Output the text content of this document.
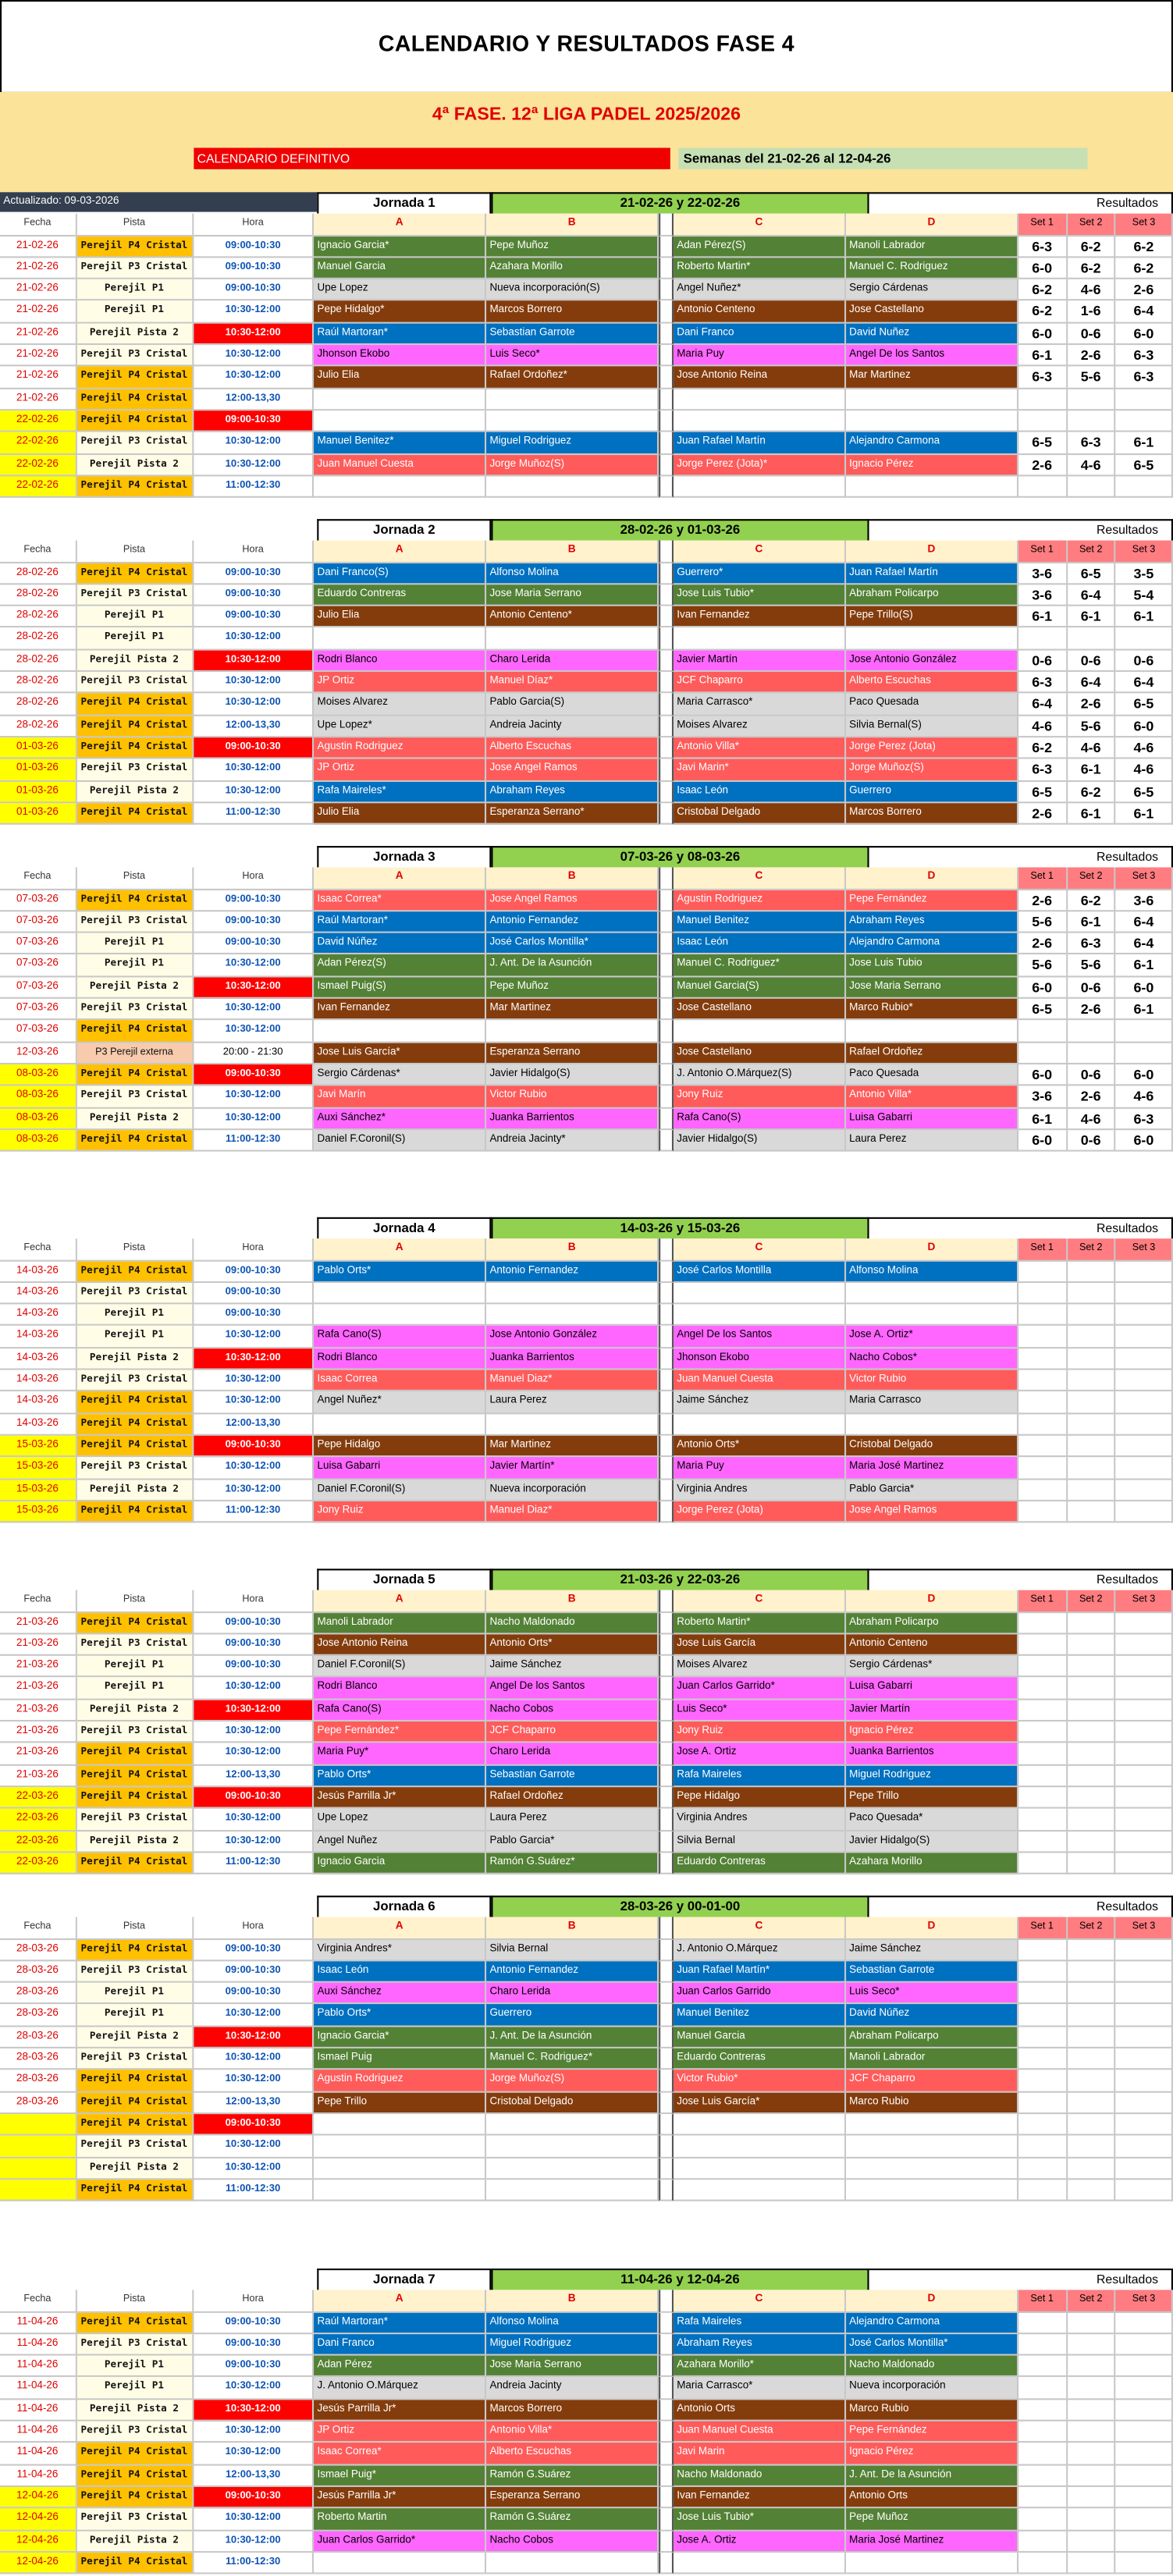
CALENDARIO Y RESULTADOS FASE 4
4ª FASE. 12ª LIGA PADEL 2025/2026
CALENDARIO DEFINITIVO	Semanas del 21-02-26 al 12-04-26
Actualizado: 09-03-2026	Jornada 1	21-02-26 y 22-02-26	Resultados
Fecha	Pista	Hora	A	B	C	D	Set 1	Set 2	Set 3
21-02-26	Perejil P4 Cristal	09:00-10:30	Ignacio Garcia*	Pepe Muñoz	Adan Pérez(S)	Manoli Labrador	6-3	6-2	6-2
21-02-26	Perejil P3 Cristal	09:00-10:30	Manuel Garcia	Azahara Morillo	Roberto Martin*	Manuel C. Rodriguez	6-0	6-2	6-2
21-02-26	Perejil P1	09:00-10:30	Upe Lopez	Nueva incorporación(S)	Angel Nuñez*	Sergio Cárdenas	6-2	4-6	2-6
21-02-26	Perejil P1	10:30-12:00	Pepe Hidalgo*	Marcos Borrero	Antonio Centeno	Jose Castellano	6-2	1-6	6-4
21-02-26	Perejil Pista 2	10:30-12:00	Raúl Martoran*	Sebastian Garrote	Dani Franco	David Nuñez	6-0	0-6	6-0
21-02-26	Perejil P3 Cristal	10:30-12:00	Jhonson Ekobo	Luis Seco*	Maria Puy	Angel De los Santos	6-1	2-6	6-3
21-02-26	Perejil P4 Cristal	10:30-12:00	Julio Elia	Rafael Ordoñez*	Jose Antonio Reina	Mar Martinez	6-3	5-6	6-3
21-02-26	Perejil P4 Cristal	12:00-13,30
22-02-26	Perejil P4 Cristal	09:00-10:30
22-02-26	Perejil P3 Cristal	10:30-12:00	Manuel Benitez*	Miguel Rodriguez	Juan Rafael Martín	Alejandro Carmona	6-5	6-3	6-1
22-02-26	Perejil Pista 2	10:30-12:00	Juan Manuel Cuesta	Jorge Muñoz(S)	Jorge Perez (Jota)*	Ignacio Pérez	2-6	4-6	6-5
22-02-26	Perejil P4 Cristal	11:00-12:30
Jornada 2	28-02-26 y 01-03-26	Resultados
Fecha	Pista	Hora	A	B	C	D	Set 1	Set 2	Set 3
28-02-26	Perejil P4 Cristal	09:00-10:30	Dani Franco(S)	Alfonso Molina	Guerrero*	Juan Rafael Martín	3-6	6-5	3-5
28-02-26	Perejil P3 Cristal	09:00-10:30	Eduardo Contreras	Jose Maria Serrano	Jose Luis Tubio*	Abraham Policarpo	3-6	6-4	5-4
28-02-26	Perejil P1	09:00-10:30	Julio Elia	Antonio Centeno*	Ivan Fernandez	Pepe Trillo(S)	6-1	6-1	6-1
28-02-26	Perejil P1	10:30-12:00
28-02-26	Perejil Pista 2	10:30-12:00	Rodri Blanco	Charo Lerida	Javier Martín	Jose Antonio González	0-6	0-6	0-6
28-02-26	Perejil P3 Cristal	10:30-12:00	JP Ortiz	Manuel Díaz*	JCF Chaparro	Alberto Escuchas	6-3	6-4	6-4
28-02-26	Perejil P4 Cristal	10:30-12:00	Moises Alvarez	Pablo Garcia(S)	Maria Carrasco*	Paco Quesada	6-4	2-6	6-5
28-02-26	Perejil P4 Cristal	12:00-13,30	Upe Lopez*	Andreia Jacinty	Moises Alvarez	Silvia Bernal(S)	4-6	5-6	6-0
01-03-26	Perejil P4 Cristal	09:00-10:30	Agustin Rodriguez	Alberto Escuchas	Antonio Villa*	Jorge Perez (Jota)	6-2	4-6	4-6
01-03-26	Perejil P3 Cristal	10:30-12:00	JP Ortiz	Jose Angel Ramos	Javi Marin*	Jorge Muñoz(S)	6-3	6-1	4-6
01-03-26	Perejil Pista 2	10:30-12:00	Rafa Maireles*	Abraham Reyes	Isaac León	Guerrero	6-5	6-2	6-5
01-03-26	Perejil P4 Cristal	11:00-12:30	Julio Elia	Esperanza Serrano*	Cristobal Delgado	Marcos Borrero	2-6	6-1	6-1
Jornada 3	07-03-26 y 08-03-26	Resultados
Fecha	Pista	Hora	A	B	C	D	Set 1	Set 2	Set 3
07-03-26	Perejil P4 Cristal	09:00-10:30	Isaac Correa*	Jose Angel Ramos	Agustin Rodriguez	Pepe Fernández	2-6	6-2	3-6
07-03-26	Perejil P3 Cristal	09:00-10:30	Raúl Martoran*	Antonio Fernandez	Manuel Benitez	Abraham Reyes	5-6	6-1	6-4
07-03-26	Perejil P1	09:00-10:30	David Núñez	José Carlos Montilla*	Isaac León	Alejandro Carmona	2-6	6-3	6-4
07-03-26	Perejil P1	10:30-12:00	Adan Pérez(S)	J. Ant. De la Asunción	Manuel C. Rodriguez*	Jose Luis Tubio	5-6	5-6	6-1
07-03-26	Perejil Pista 2	10:30-12:00	Ismael Puig(S)	Pepe Muñoz	Manuel Garcia(S)	Jose Maria Serrano	6-0	0-6	6-0
07-03-26	Perejil P3 Cristal	10:30-12:00	Ivan Fernandez	Mar Martinez	Jose Castellano	Marco Rubio*	6-5	2-6	6-1
07-03-26	Perejil P4 Cristal	10:30-12:00
12-03-26	P3 Perejil externa	20:00 - 21:30	Jose Luis García*	Esperanza Serrano	Jose Castellano	Rafael Ordoñez
08-03-26	Perejil P4 Cristal	09:00-10:30	Sergio Cárdenas*	Javier Hidalgo(S)	J. Antonio O.Márquez(S)	Paco Quesada	6-0	0-6	6-0
08-03-26	Perejil P3 Cristal	10:30-12:00	Javi Marín	Victor Rubio	Jony Ruiz	Antonio Villa*	3-6	2-6	4-6
08-03-26	Perejil Pista 2	10:30-12:00	Auxi Sánchez*	Juanka Barrientos	Rafa Cano(S)	Luisa Gabarri	6-1	4-6	6-3
08-03-26	Perejil P4 Cristal	11:00-12:30	Daniel F.Coronil(S)	Andreia Jacinty*	Javier Hidalgo(S)	Laura Perez	6-0	0-6	6-0
Jornada 4	14-03-26 y 15-03-26	Resultados
Fecha	Pista	Hora	A	B	C	D	Set 1	Set 2	Set 3
14-03-26	Perejil P4 Cristal	09:00-10:30	Pablo Orts*	Antonio Fernandez	José Carlos Montilla	Alfonso Molina
14-03-26	Perejil P3 Cristal	09:00-10:30
14-03-26	Perejil P1	09:00-10:30
14-03-26	Perejil P1	10:30-12:00	Rafa Cano(S)	Jose Antonio González	Angel De los Santos	Jose A. Ortiz*
14-03-26	Perejil Pista 2	10:30-12:00	Rodri Blanco	Juanka Barrientos	Jhonson Ekobo	Nacho Cobos*
14-03-26	Perejil P3 Cristal	10:30-12:00	Isaac Correa	Manuel Diaz*	Juan Manuel Cuesta	Victor Rubio
14-03-26	Perejil P4 Cristal	10:30-12:00	Angel Nuñez*	Laura Perez	Jaime Sánchez	Maria Carrasco
14-03-26	Perejil P4 Cristal	12:00-13,30
15-03-26	Perejil P4 Cristal	09:00-10:30	Pepe Hidalgo	Mar Martinez	Antonio Orts*	Cristobal Delgado
15-03-26	Perejil P3 Cristal	10:30-12:00	Luisa Gabarri	Javier Martín*	Maria Puy	Maria José Martinez
15-03-26	Perejil Pista 2	10:30-12:00	Daniel F.Coronil(S)	Nueva incorporación	Virginia Andres	Pablo Garcia*
15-03-26	Perejil P4 Cristal	11:00-12:30	Jony Ruiz	Manuel Diaz*	Jorge Perez (Jota)	Jose Angel Ramos
Jornada 5	21-03-26 y 22-03-26	Resultados
Fecha	Pista	Hora	A	B	C	D	Set 1	Set 2	Set 3
21-03-26	Perejil P4 Cristal	09:00-10:30	Manoli Labrador	Nacho Maldonado	Roberto Martin*	Abraham Policarpo
21-03-26	Perejil P3 Cristal	09:00-10:30	Jose Antonio Reina	Antonio Orts*	Jose Luis García	Antonio Centeno
21-03-26	Perejil P1	09:00-10:30	Daniel F.Coronil(S)	Jaime Sánchez	Moises Alvarez	Sergio Cárdenas*
21-03-26	Perejil P1	10:30-12:00	Rodri Blanco	Angel De los Santos	Juan Carlos Garrido*	Luisa Gabarri
21-03-26	Perejil Pista 2	10:30-12:00	Rafa Cano(S)	Nacho Cobos	Luis Seco*	Javier Martín
21-03-26	Perejil P3 Cristal	10:30-12:00	Pepe Fernández*	JCF Chaparro	Jony Ruiz	Ignacio Pérez
21-03-26	Perejil P4 Cristal	10:30-12:00	Maria Puy*	Charo Lerida	Jose A. Ortiz	Juanka Barrientos
21-03-26	Perejil P4 Cristal	12:00-13,30	Pablo Orts*	Sebastian Garrote	Rafa Maireles	Miguel Rodriguez
22-03-26	Perejil P4 Cristal	09:00-10:30	Jesús Parrilla Jr*	Rafael Ordoñez	Pepe Hidalgo	Pepe Trillo
22-03-26	Perejil P3 Cristal	10:30-12:00	Upe Lopez	Laura Perez	Virginia Andres	Paco Quesada*
22-03-26	Perejil Pista 2	10:30-12:00	Angel Nuñez	Pablo Garcia*	Silvia Bernal	Javier Hidalgo(S)
22-03-26	Perejil P4 Cristal	11:00-12:30	Ignacio Garcia	Ramón G.Suárez*	Eduardo Contreras	Azahara Morillo
Jornada 6	28-03-26 y 00-01-00	Resultados
Fecha	Pista	Hora	A	B	C	D	Set 1	Set 2	Set 3
28-03-26	Perejil P4 Cristal	09:00-10:30	Virginia Andres*	Silvia Bernal	J. Antonio O.Márquez	Jaime Sánchez
28-03-26	Perejil P3 Cristal	09:00-10:30	Isaac León	Antonio Fernandez	Juan Rafael Martín*	Sebastian Garrote
28-03-26	Perejil P1	09:00-10:30	Auxi Sánchez	Charo Lerida	Juan Carlos Garrido	Luis Seco*
28-03-26	Perejil P1	10:30-12:00	Pablo Orts*	Guerrero	Manuel Benitez	David Núñez
28-03-26	Perejil Pista 2	10:30-12:00	Ignacio Garcia*	J. Ant. De la Asunción	Manuel Garcia	Abraham Policarpo
28-03-26	Perejil P3 Cristal	10:30-12:00	Ismael Puig	Manuel C. Rodriguez*	Eduardo Contreras	Manoli Labrador
28-03-26	Perejil P4 Cristal	10:30-12:00	Agustin Rodriguez	Jorge Muñoz(S)	Victor Rubio*	JCF Chaparro
28-03-26	Perejil P4 Cristal	12:00-13,30	Pepe Trillo	Cristobal Delgado	Jose Luis García*	Marco Rubio
Perejil P4 Cristal	09:00-10:30
Perejil P3 Cristal	10:30-12:00
Perejil Pista 2	10:30-12:00
Perejil P4 Cristal	11:00-12:30
Jornada 7	11-04-26 y 12-04-26	Resultados
Fecha	Pista	Hora	A	B	C	D	Set 1	Set 2	Set 3
11-04-26	Perejil P4 Cristal	09:00-10:30	Raúl Martoran*	Alfonso Molina	Rafa Maireles	Alejandro Carmona
11-04-26	Perejil P3 Cristal	09:00-10:30	Dani Franco	Miguel Rodriguez	Abraham Reyes	José Carlos Montilla*
11-04-26	Perejil P1	09:00-10:30	Adan Pérez	Jose Maria Serrano	Azahara Morillo*	Nacho Maldonado
11-04-26	Perejil P1	10:30-12:00	J. Antonio O.Márquez	Andreia Jacinty	Maria Carrasco*	Nueva incorporación
11-04-26	Perejil Pista 2	10:30-12:00	Jesús Parrilla Jr*	Marcos Borrero	Antonio Orts	Marco Rubio
11-04-26	Perejil P3 Cristal	10:30-12:00	JP Ortiz	Antonio Villa*	Juan Manuel Cuesta	Pepe Fernández
11-04-26	Perejil P4 Cristal	10:30-12:00	Isaac Correa*	Alberto Escuchas	Javi Marin	Ignacio Pérez
11-04-26	Perejil P4 Cristal	12:00-13,30	Ismael Puig*	Ramón G.Suárez	Nacho Maldonado	J. Ant. De la Asunción
12-04-26	Perejil P4 Cristal	09:00-10:30	Jesús Parrilla Jr*	Esperanza Serrano	Ivan Fernandez	Antonio Orts
12-04-26	Perejil P3 Cristal	10:30-12:00	Roberto Martin	Ramón G.Suárez	Jose Luis Tubio*	Pepe Muñoz
12-04-26	Perejil Pista 2	10:30-12:00	Juan Carlos Garrido*	Nacho Cobos	Jose A. Ortiz	Maria José Martinez
12-04-26	Perejil P4 Cristal	11:00-12:30
